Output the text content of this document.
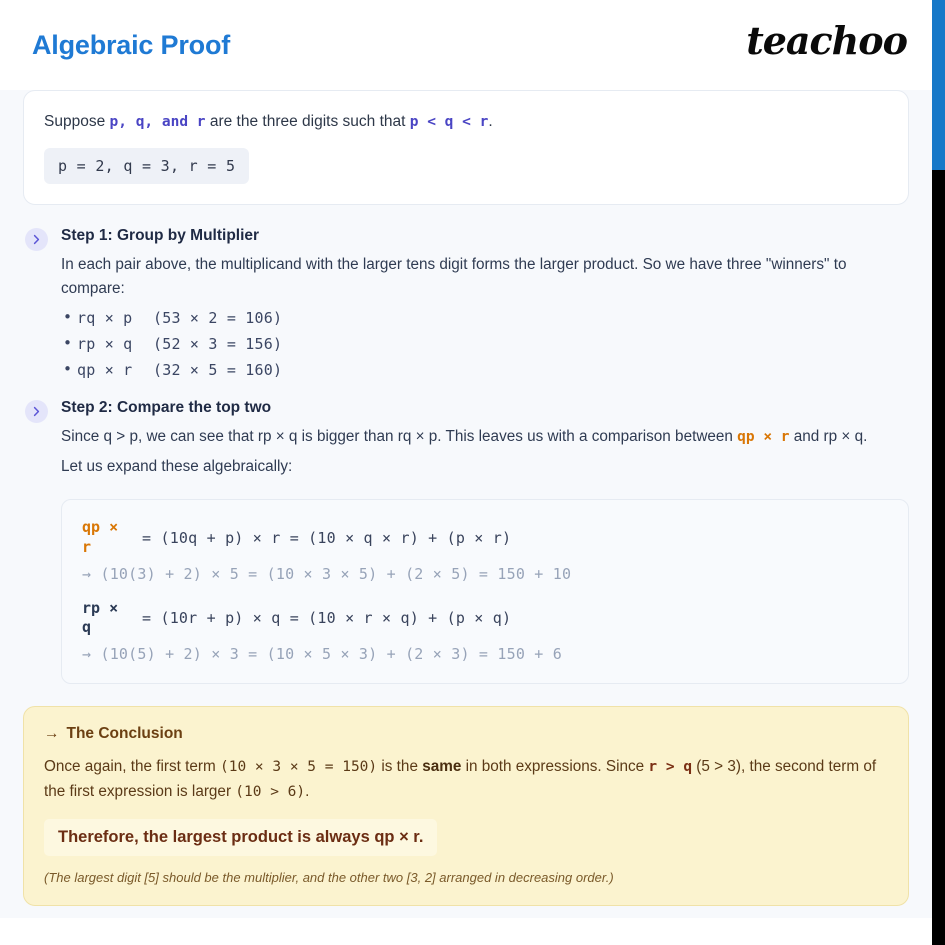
Algebraic Proof	teachoo
Suppose p, q, and r are the three digits such that p < q < r.
p = 2, q = 3, r = 5
Step 1: Group by Multiplier
In each pair above, the multiplicand with the larger tens digit forms the larger product. So we have three "winners" to compare:
• rq × p (53 × 2 = 106)
• rp × q (52 × 3 = 156)
• qp × r (32 × 5 = 160)
Step 2: Compare the top two
Since q > p, we can see that rp × q is bigger than rq × p. This leaves us with a comparison between qp × r and rp × q.
Let us expand these algebraically:
qp × r	= (10q + p) × r = (10 × q × r) + (p × r)
→ (10(3) + 2) × 5 = (10 × 3 × 5) + (2 × 5) = 150 + 10
rp × q	= (10r + p) × q = (10 × r × q) + (p × q)
→ (10(5) + 2) × 3 = (10 × 5 × 3) + (2 × 3) = 150 + 6
→ The Conclusion
Once again, the first term (10 × 3 × 5 = 150) is the same in both expressions. Since r > q (5 > 3), the second term of the first expression is larger (10 > 6).
Therefore, the largest product is always qp × r.
(The largest digit [5] should be the multiplier, and the other two [3, 2] arranged in decreasing order.)
